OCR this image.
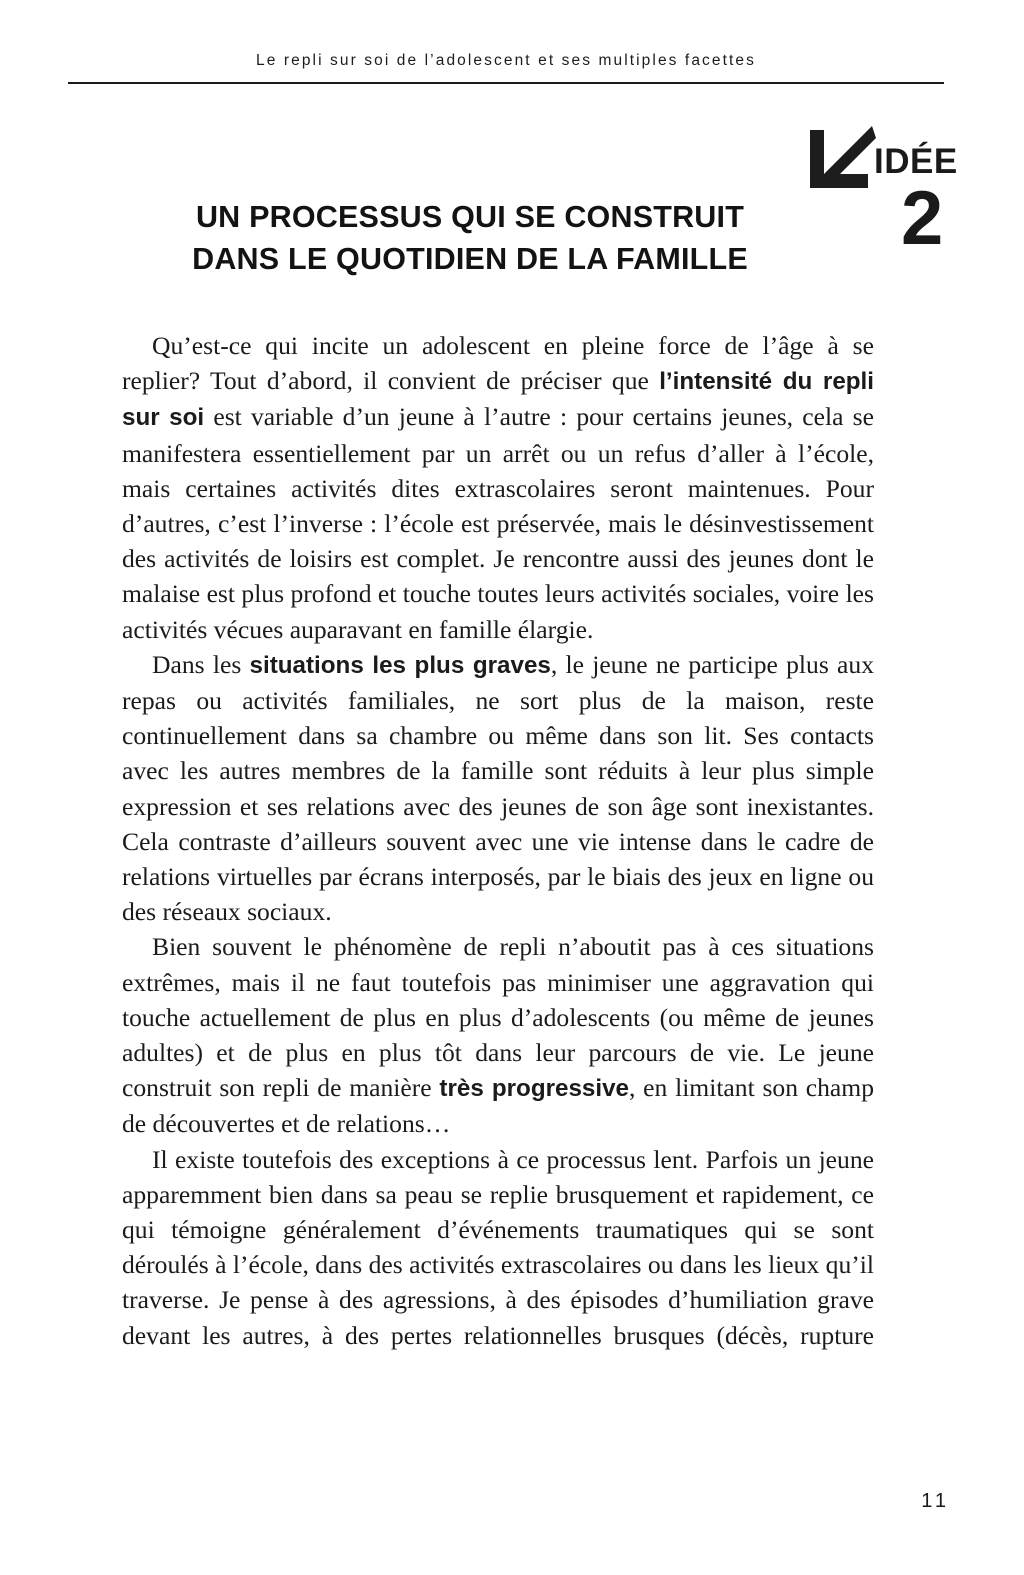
Le repli sur soi de l’adolescent et ses multiples facettes
IDÉE
2
UN PROCESSUS QUI SE CONSTRUIT
DANS LE QUOTIDIEN DE LA FAMILLE

Qu’est-ce qui incite un adolescent en pleine force de l’âge à se replier? Tout d’abord, il convient de préciser que l’intensité du repli sur soi est variable d’un jeune à l’autre : pour certains jeunes, cela se manifestera essentiellement par un arrêt ou un refus d’aller à l’école, mais certaines activités dites extrascolaires seront maintenues. Pour d’autres, c’est l’inverse : l’école est préservée, mais le désinvestissement des activités de loisirs est complet. Je rencontre aussi des jeunes dont le malaise est plus profond et touche toutes leurs activités sociales, voire les activités vécues auparavant en famille élargie.

Dans les situations les plus graves, le jeune ne participe plus aux repas ou activités familiales, ne sort plus de la maison, reste continuellement dans sa chambre ou même dans son lit. Ses contacts avec les autres membres de la famille sont réduits à leur plus simple expression et ses relations avec des jeunes de son âge sont inexistantes. Cela contraste d’ailleurs souvent avec une vie intense dans le cadre de relations virtuelles par écrans interposés, par le biais des jeux en ligne ou des réseaux sociaux.

Bien souvent le phénomène de repli n’aboutit pas à ces situations extrêmes, mais il ne faut toutefois pas minimiser une aggravation qui touche actuellement de plus en plus d’adolescents (ou même de jeunes adultes) et de plus en plus tôt dans leur parcours de vie. Le jeune construit son repli de manière très progressive, en limitant son champ de découvertes et de relations…

Il existe toutefois des exceptions à ce processus lent. Parfois un jeune apparemment bien dans sa peau se replie brusquement et rapidement, ce qui témoigne généralement d’événements traumatiques qui se sont déroulés à l’école, dans des activités extrascolaires ou dans les lieux qu’il traverse. Je pense à des agressions, à des épisodes d’humiliation grave devant les autres, à des pertes relationnelles brusques (décès, rupture

11
